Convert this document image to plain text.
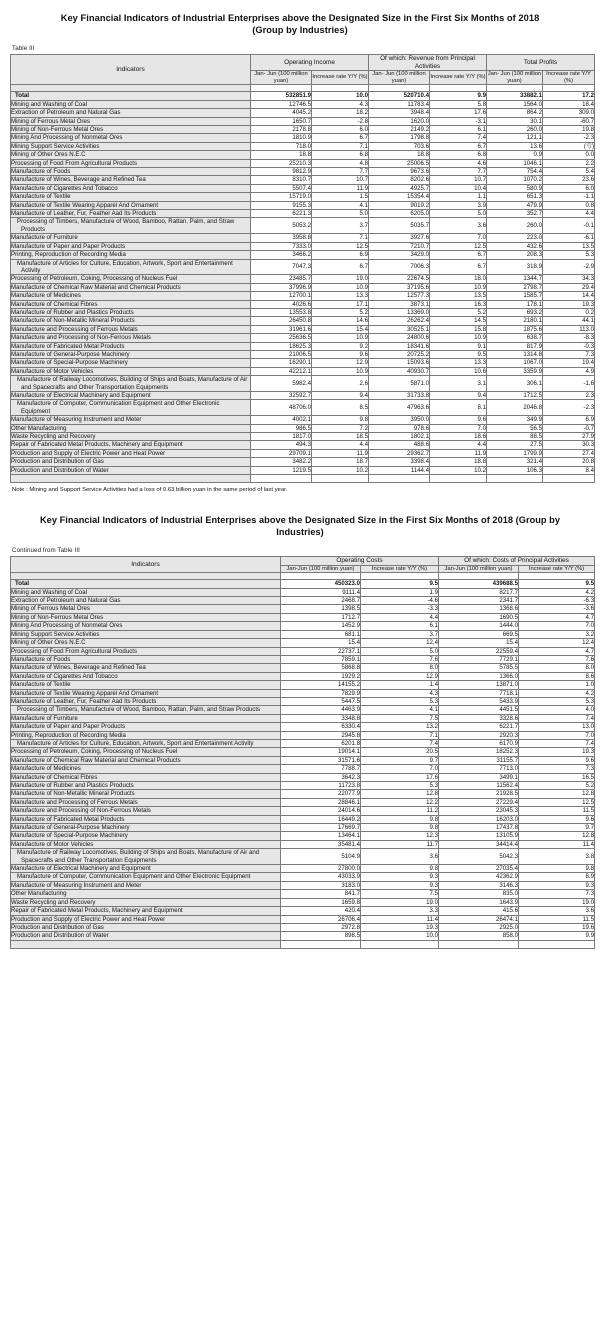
Key Financial Indicators of Industrial Enterprises above the Designated Size in the First Six Months of 2018 (Group by Industries)
Table III
Indicators	Operating Income		Of which: Revenue from Principal Activities		Total Profits	
	Jan- Jun (100 million yuan)	Increase rate Y/Y (%)	Jan- Jun (100 million yuan)	Increase rate Y/Y (%)	Jan- Jun (100 million yuan)	Increase rate Y/Y (%)

Total	532851.9	10.0	520710.4	9.9	33882.1	17.2
Mining and Washing of Coal	12746.5	4.3	11783.4	5.8	1564.0	18.4
Extraction of Petroleum and Natural Gas	4045.2	18.2	3948.4	17.6	864.2	309.0
Mining of Ferrous Metal Ores	1650.7	-2.8	1620.0	-3.1	30.1	-60.7
Mining of Non-Ferrous Metal Ores	2178.8	6.0	2149.2	6.1	260.0	19.8
Mining And Processing of Nonmetal Ores	1810.9	6.7	1798.8	7.4	121.1	-2.3
Mining Support Service Activities	718.0	7.1	703.6	6.7	13.6	(亏)
Mining of Other Ores N.E.C	18.8	6.8	18.8	6.8	0.9	0.0
Processing of Food From Agricultural Products	25210.3	4.8	25006.5	4.6	1046.1	2.2
Manufacture of Foods	9812.9	7.7	9673.6	7.7	754.4	5.4
Manufacture of Wines, Beverage and Refined Tea	8310.7	10.7	8202.6	10.7	1070.2	23.6
Manufacture of Cigarettes And Tobacco	5507.4	11.9	4925.7	10.4	580.9	6.0
Manufacture of Textile	15719.0	1.5	15354.4	1.1	651.3	-1.1
Manufacture of Textile Wearing Apparel And Ornament	9155.3	4.1	9019.2	3.9	479.9	0.8
Manufacture of Leather, Fur, Feather Aad Its Products	6221.3	5.0	6205.0	5.0	352.7	4.4
Processing of Timbers, Manufacture of Wood, Bamboo, Rattan, Palm, and Straw Products	5053.2	3.7	5035.7	3.6	260.0	-0.1
Manufacture of Furniture	3958.8	7.1	3927.6	7.0	223.0	-6.1
Manufacture of Paper and Paper Products	7333.0	12.5	7210.7	12.5	432.6	13.5
Printing, Reproduction of Recording Media	3466.2	6.9	3429.0	6.7	208.3	5.3
Manufacture of Articles for Culture, Education, Artwork, Sport and Entertainment Activity	7047.3	6.7	7006.3	6.7	318.9	-2.9
Processing of Petroleum, Coking, Processing of Nucleus Fuel	23485.7	19.0	22674.5	18.0	1344.7	34.3
Manufacture of Chemical Raw Material and Chemical Products	37996.9	10.9	37195.6	10.9	2798.7	29.4
Manufacture of Medicines	12700.1	13.3	12577.3	13.5	1585.7	14.4
Manufacture of Chemical Fibres	4026.6	17.1	3873.1	16.3	178.1	19.3
Manufacture of Rubber and Plastics Products	13553.8	5.2	13369.0	5.2	693.2	0.2
Manufacture of Non-Metallic Mineral Products	26450.8	14.6	26262.4	14.5	2180.1	44.1
Manufacture and Processing of Ferrous Metals	31961.6	15.4	30525.1	15.8	1875.6	113.0
Manufacture and Processing of Non-Ferrous Metals	25636.5	10.9	24800.6	10.9	638.7	-8.3
Manufacture of Fabricated Metal Products	18625.3	9.2	18341.6	9.1	817.9	-0.3
Manufacture of General-Purpose Machinery	21006.5	9.6	20725.2	9.5	1314.8	7.3
Manufacture of Special-Purpose Machinery	16290.1	12.9	15093.6	13.3	1067.0	19.4
Manufacture of Motor Vehicles	42212.1	10.9	40930.7	10.6	3359.9	4.9
Manufacture of Railway Locomotives, Building of Ships and Boats, Manufacture of Air and Spacecrafts and Other Transportation Equipments	5982.4	2.6	5871.0	3.1	306.1	-1.6
Manufacture of Electrical Machinery and Equipment	32592.7	9.4	31733.8	9.4	1712.5	2.3
Manufacture of Computer, Communication Equipment and Other Electronic Equipment	48706.0	8.5	47963.6	8.1	2046.8	-2.3
Manufacture of Measuring Instrument and Meter	4002.1	9.8	3950.0	9.6	349.9	6.9
Other Manufacturing	986.5	7.2	978.6	7.0	56.5	-0.7
Waste Recycling and Recovery	1817.0	18.5	1802.1	18.6	88.5	27.9
Repair of Fabricated Metal Products, Machinery and Equipment	494.3	4.4	488.6	4.4	27.5	30.3
Production and Supply of Electric Power and Heat Power	29709.1	11.9	29362.7	11.9	1799.9	27.4
Production and Distribution of Gas	3482.2	18.7	3398.4	18.8	321.4	20.8
Production and Distribution of Water	1219.5	10.2	1144.4	10.2	106.3	8.4

Note : Mining and Support Service Activities had a loss of 0.63 billion yuan in the same period of last year.
Key Financial Indicators of Industrial Enterprises above the Designated Size in the First Six Months of 2018 (Group by Industries)
Continued from Table III
Indicators	Operating Costs		Of which: Costs of Principal Activities	
	Jan-Jun (100 million yuan)	Increase rate Y/Y (%)	Jan-Jun (100 million yuan)	Increase rate Y/Y (%)

Total	450323.0	9.5	439688.5	9.5
Mining and Washing of Coal	9111.4	1.9	8217.7	4.2
Extraction of Petroleum and Natural Gas	2468.7	-4.6	2341.7	-6.3
Mining of Ferrous Metal Ores	1398.5	-3.3	1368.6	-3.6
Mining of Non-Ferrous Metal Ores	1712.7	4.4	1690.5	4.7
Mining And Processing of Nonmetal Ores	1452.9	6.1	1444.0	7.0
Mining Support Service Activities	681.1	3.7	669.5	3.2
Mining of Other Ores N.E.C	15.4	12.4	15.4	12.4
Processing of Food From Agricultural Products	22737.1	5.0	22559.4	4.7
Manufacture of Foods	7859.1	7.6	7729.1	7.6
Manufacture of Wines, Beverage and Refined Tea	5868.8	8.0	5785.5	8.0
Manufacture of Cigarettes And Tobacco	1929.2	12.9	1366.0	8.6
Manufacture of Textile	14155.2	1.4	13871.0	1.0
Manufacture of Textile Wearing Apparel And Ornament	7829.9	4.3	7718.1	4.2
Manufacture of Leather, Fur, Feather Aad Its Products	5447.5	5.3	5433.9	5.3
Processing of Timbers, Manufacture of Wood, Bamboo, Rattan, Palm, and Straw Products	4463.9	4.1	4451.5	4.0
Manufacture of Furniture	3348.8	7.5	3328.6	7.4
Manufacture of Paper and Paper Products	6330.4	13.2	6221.7	13.0
Printing, Reproduction of Recording Media	2945.8	7.1	2920.3	7.0
Manufacture of Articles for Culture, Education, Artwork, Sport and Entertainment Activity	6201.8	7.4	6170.9	7.4
Processing of Petroleum, Coking, Processing of Nucleus Fuel	19014.1	20.5	18252.3	19.3
Manufacture of Chemical Raw Material and Chemical Products	31571.6	9.7	31155.7	9.6
Manufacture of Medicines	7788.7	7.0	7713.0	7.3
Manufacture of Chemical Fibres	3642.3	17.6	3499.1	16.5
Manufacture of Rubber and Plastics Products	11723.8	5.3	11562.4	5.2
Manufacture of Non-Metallic Mineral Products	22077.9	12.8	21928.5	12.8
Manufacture and Processing of Ferrous Metals	28846.1	12.2	27229.4	12.5
Manufacture and Processing of Non-Ferrous Metals	24014.6	11.2	23045.3	11.5
Manufacture of Fabricated Metal Products	16449.2	9.8	16203.0	9.6
Manufacture of General-Purpose Machinery	17669.7	9.8	17437.8	9.7
Manufacture of Special-Purpose Machinery	13464.1	12.3	13105.9	12.8
Manufacture of Motor Vehicles	35481.4	11.7	34414.4	11.4
Manufacture of Railway Locomotives, Building of Ships and Boats, Manufacture of Air and Spacecrafts and Other Transportation Equipments	5104.9	3.6	5042.3	3.8
Manufacture of Electrical Machinery and Equipment	27800.0	9.8	27035.4	9.8
Manufacture of Computer, Communication Equipment and Other Electronic Equipment	43033.9	9.3	42362.9	8.9
Manufacture of Measuring Instrument and Meter	3183.0	9.3	3146.3	9.3
Other Manufacturing	841.7	7.5	835.0	7.3
Waste Recycling and Recovery	1659.8	19.0	1643.9	19.0
Repair of Fabricated Metal Products, Machinery and Equipment	420.4	3.3	415.6	3.6
Production and Supply of Electric Power and Heat Power	26706.4	11.4	26474.1	11.5
Production and Distribution of Gas	2972.8	19.3	2925.0	19.6
Production and Distribution of Water	898.5	10.0	858.0	9.9
